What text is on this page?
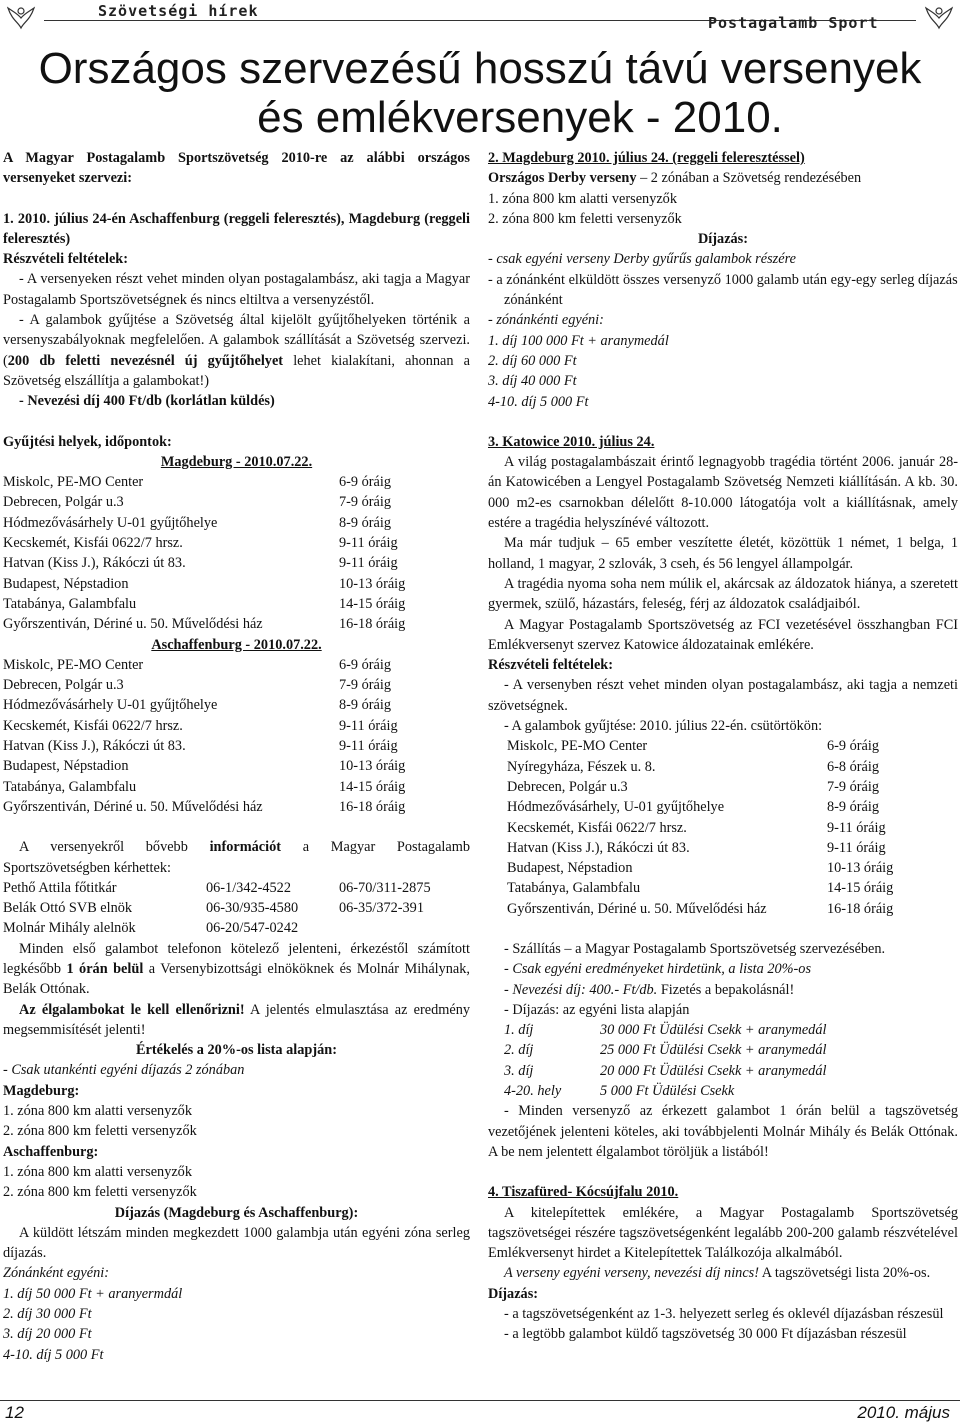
Szövetségi hírek
Postagalamb Sport
Országos szervezésű hosszú távú versenyek
és emlékversenyek - 2010.

A Magyar Postagalamb Sportszövetség 2010-re az alábbi országos versenyeket szervezi:

1. 2010. július 24-én Aschaffenburg (reggeli feleresztés), Magdeburg (reggeli feleresztés)

Részvételi feltételek:

- A versenyeken részt vehet minden olyan postagalambász, aki tagja a Magyar Postagalamb Sportszövetségnek és nincs eltiltva a versenyzéstől.

- A galambok gyűjtése a Szövetség által kijelölt gyűjtőhelyeken történik a versenyszabályoknak megfelelően. A galambok szállítását a Szövetség szervezi. (200 db feletti nevezésnél új gyűjtőhelyet lehet kialakítani, ahonnan a Szövetség elszállítja a galambokat!)

- Nevezési díj 400 Ft/db (korlátlan küldés)

Gyűjtési helyek, időpontok:

Magdeburg - 2010.07.22.

Miskolc, PE-MO Center	6-9 óráig
Debrecen, Polgár u.3	7-9 óráig
Hódmezővásárhely U-01 gyűjtőhelye	8-9 óráig
Kecskemét, Kisfái 0622/7 hrsz.	9-11 óráig
Hatvan (Kiss J.), Rákóczi út 83.	9-11 óráig
Budapest, Népstadion	10-13 óráig
Tatabánya, Galambfalu	14-15 óráig
Győrszentiván, Dériné u. 50. Művelődési ház	16-18 óráig

Aschaffenburg - 2010.07.22.

Miskolc, PE-MO Center	6-9 óráig
Debrecen, Polgár u.3	7-9 óráig
Hódmezővásárhely U-01 gyűjtőhelye	8-9 óráig
Kecskemét, Kisfái 0622/7 hrsz.	9-11 óráig
Hatvan (Kiss J.), Rákóczi út 83.	9-11 óráig
Budapest, Népstadion	10-13 óráig
Tatabánya, Galambfalu	14-15 óráig
Győrszentiván, Dériné u. 50. Művelődési ház	16-18 óráig

A versenyekről bővebb információt a Magyar Postagalamb Sportszövetségben kérhettek:

Pethő Attila főtitkár	06-1/342-4522	06-70/311-2875
Belák Ottó SVB elnök	06-30/935-4580	06-35/372-391
Molnár Mihály alelnök	06-20/547-0242

Minden első galambot telefonon kötelező jelenteni, érkezéstől számított legkésőbb 1 órán belül a Versenybizottsági elnököknek és Molnár Mihálynak, Belák Ottónak.

Az élgalambokat le kell ellenőrizni! A jelentés elmulasztása az eredmény megsemmisítését jelenti!

Értékelés a 20%-os lista alapján:

- Csak utankénti egyéni díjazás 2 zónában

Magdeburg:

1. zóna 800 km alatti versenyzők

2. zóna 800 km feletti versenyzők

Aschaffenburg:

1. zóna 800 km alatti versenyzők

2. zóna 800 km feletti versenyzők

Díjazás (Magdeburg és Aschaffenburg):

A küldött létszám minden megkezdett 1000 galambja után egyéni zóna serleg díjazás.

Zónánként egyéni:

1. díj 50 000 Ft + aranyermdál

2. díj 30 000 Ft

3. díj 20 000 Ft

4-10. díj 5 000 Ft

2. Magdeburg 2010. július 24. (reggeli feleresztéssel)

Országos Derby verseny – 2 zónában a Szövetség rendezésében

1. zóna 800 km alatti versenyzők

2. zóna 800 km feletti versenyzők

Díjazás:

- csak egyéni verseny Derby gyűrűs galambok részére

- a zónánként elküldött összes versenyző 1000 galamb után egy-egy serleg díjazás zónánként

- zónánkénti egyéni:

1. díj 100 000 Ft + aranymedál

2. díj 60 000 Ft

3. díj 40 000 Ft

4-10. díj 5 000 Ft

3. Katowice 2010. július 24.

A világ postagalambászait érintő legnagyobb tragédia történt 2006. január 28-án Katowicében a Lengyel Postagalamb Szövetség Nemzeti kiállításán. A kb. 30. 000 m2-es csarnokban délelőtt 8-10.000 látogatója volt a kiállításnak, amely estére a tragédia helyszínévé változott.

Ma már tudjuk – 65 ember veszítette életét, közöttük 1 német, 1 belga, 1 holland, 1 magyar, 2 szlovák, 3 cseh, és 56 lengyel állampolgár.

A tragédia nyoma soha nem múlik el, akárcsak az áldozatok hiánya, a szeretett gyermek, szülő, házastárs, feleség, férj az áldozatok családjaiból.

A Magyar Postagalamb Sportszövetség az FCI vezetésével összhangban FCI Emlékversenyt szervez Katowice áldozatainak emlékére.

Részvételi feltételek:

- A versenyben részt vehet minden olyan postagalambász, aki tagja a nemzeti szövetségnek.

- A galambok gyűjtése: 2010. július 22-én. csütörtökön:

Miskolc, PE-MO Center	6-9 óráig
Nyíregyháza, Fészek u. 8.	6-8 óráig
Debrecen, Polgár u.3	7-9 óráig
Hódmezővásárhely, U-01 gyűjtőhelye	8-9 óráig
Kecskemét, Kisfái 0622/7 hrsz.	9-11 óráig
Hatvan (Kiss J.), Rákóczi út 83.	9-11 óráig
Budapest, Népstadion	10-13 óráig
Tatabánya, Galambfalu	14-15 óráig
Győrszentiván, Dériné u. 50. Művelődési ház	16-18 óráig

- Szállítás – a Magyar Postagalamb Sportszövetség szervezésében.

- Csak egyéni eredményeket hirdetünk, a lista 20%-os

- Nevezési díj: 400.- Ft/db. Fizetés a bepakolásnál!

- Díjazás: az egyéni lista alapján

1. díj	30 000 Ft Üdülési Csekk + aranymedál
2. díj	25 000 Ft Üdülési Csekk + aranymedál
3. díj	20 000 Ft Üdülési Csekk + aranymedál
4-20. hely	5 000 Ft Üdülési Csekk

- Minden versenyző az érkezett galambot 1 órán belül a tagszövetség vezetőjének jelenteni köteles, aki továbbjelenti Molnár Mihály és Belák Ottónak. A be nem jelentett élgalambot töröljük a listából!

4. Tiszafüred- Kócsújfalu 2010.

A kitelepítettek emlékére, a Magyar Postagalamb Sportszövetség tagszövetségei részére tagszövetségenként legalább 200-200 galamb részvételével Emlékversenyt hirdet a Kitelepítettek Találkozója alkalmából.

A verseny egyéni verseny, nevezési díj nincs! A tagszövetségi lista 20%-os.

Díjazás:

- a tagszövetségenként az 1-3. helyezett serleg és oklevél díjazásban részesül

- a legtöbb galambot küldő tagszövetség 30 000 Ft díjazásban részesül

12	2010. május
